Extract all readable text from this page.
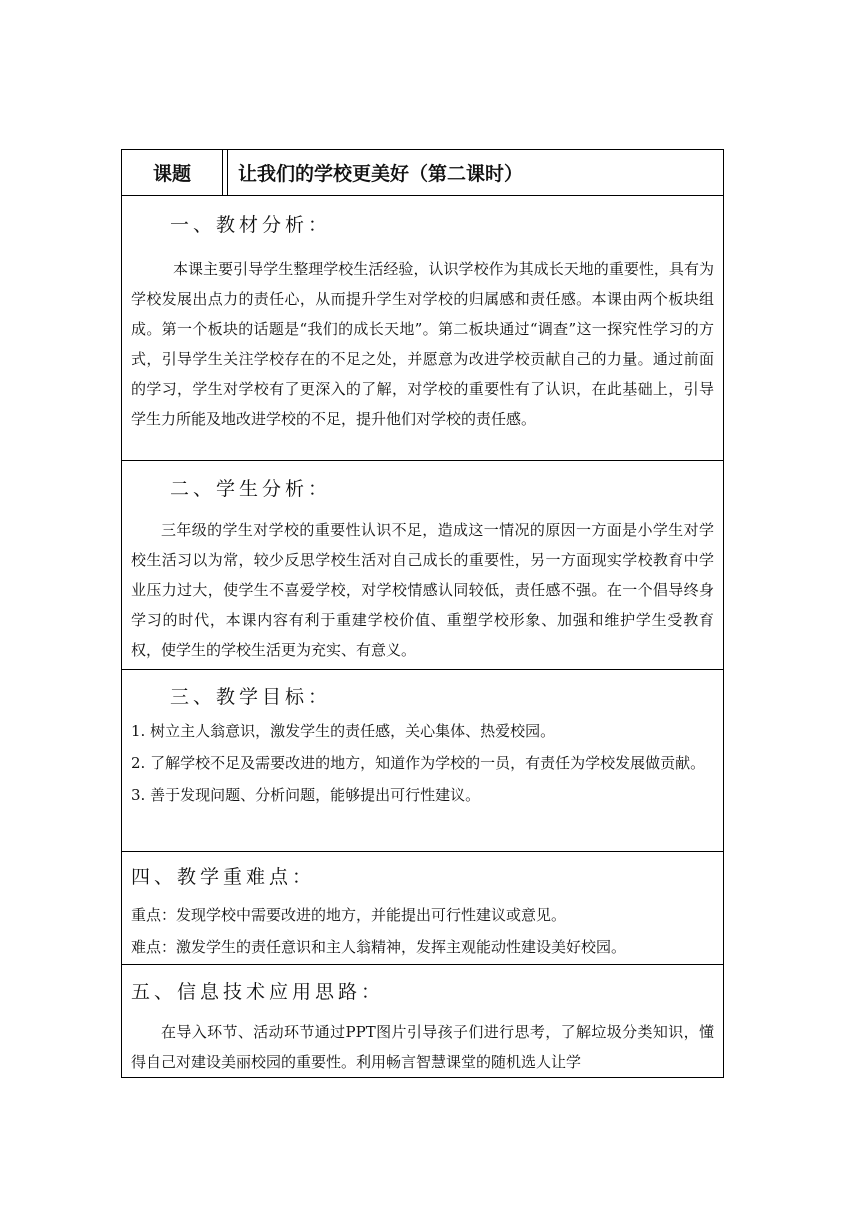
课题	让我们的学校更美好（第二课时）
一、教材分析：

本课主要引导学生整理学校生活经验，认识学校作为其成长天地的重要性，具有为学校发展出点力的责任心，从而提升学生对学校的归属感和责任感。本课由两个板块组成。第一个板块的话题是“我们的成长天地”。第二板块通过“调查”这一探究性学习的方式，引导学生关注学校存在的不足之处，并愿意为改进学校贡献自己的力量。通过前面的学习，学生对学校有了更深入的了解，对学校的重要性有了认识，在此基础上，引导学生力所能及地改进学校的不足，提升他们对学校的责任感。

二、学生分析：

三年级的学生对学校的重要性认识不足，造成这一情况的原因一方面是小学生对学校生活习以为常，较少反思学校生活对自己成长的重要性，另一方面现实学校教育中学业压力过大，使学生不喜爱学校，对学校情感认同较低，责任感不强。在一个倡导终身学习的时代，本课内容有利于重建学校价值、重塑学校形象、加强和维护学生受教育权，使学生的学校生活更为充实、有意义。

三、教学目标：

1. 树立主人翁意识，激发学生的责任感，关心集体、热爱校园。

2. 了解学校不足及需要改进的地方，知道作为学校的一员，有责任为学校发展做贡献。

3. 善于发现问题、分析问题，能够提出可行性建议。

四、教学重难点：

重点：发现学校中需要改进的地方，并能提出可行性建议或意见。

难点：激发学生的责任意识和主人翁精神，发挥主观能动性建设美好校园。

五、信息技术应用思路：

在导入环节、活动环节通过PPT图片引导孩子们进行思考，了解垃圾分类知识，懂得自己对建设美丽校园的重要性。利用畅言智慧课堂的随机选人让学
